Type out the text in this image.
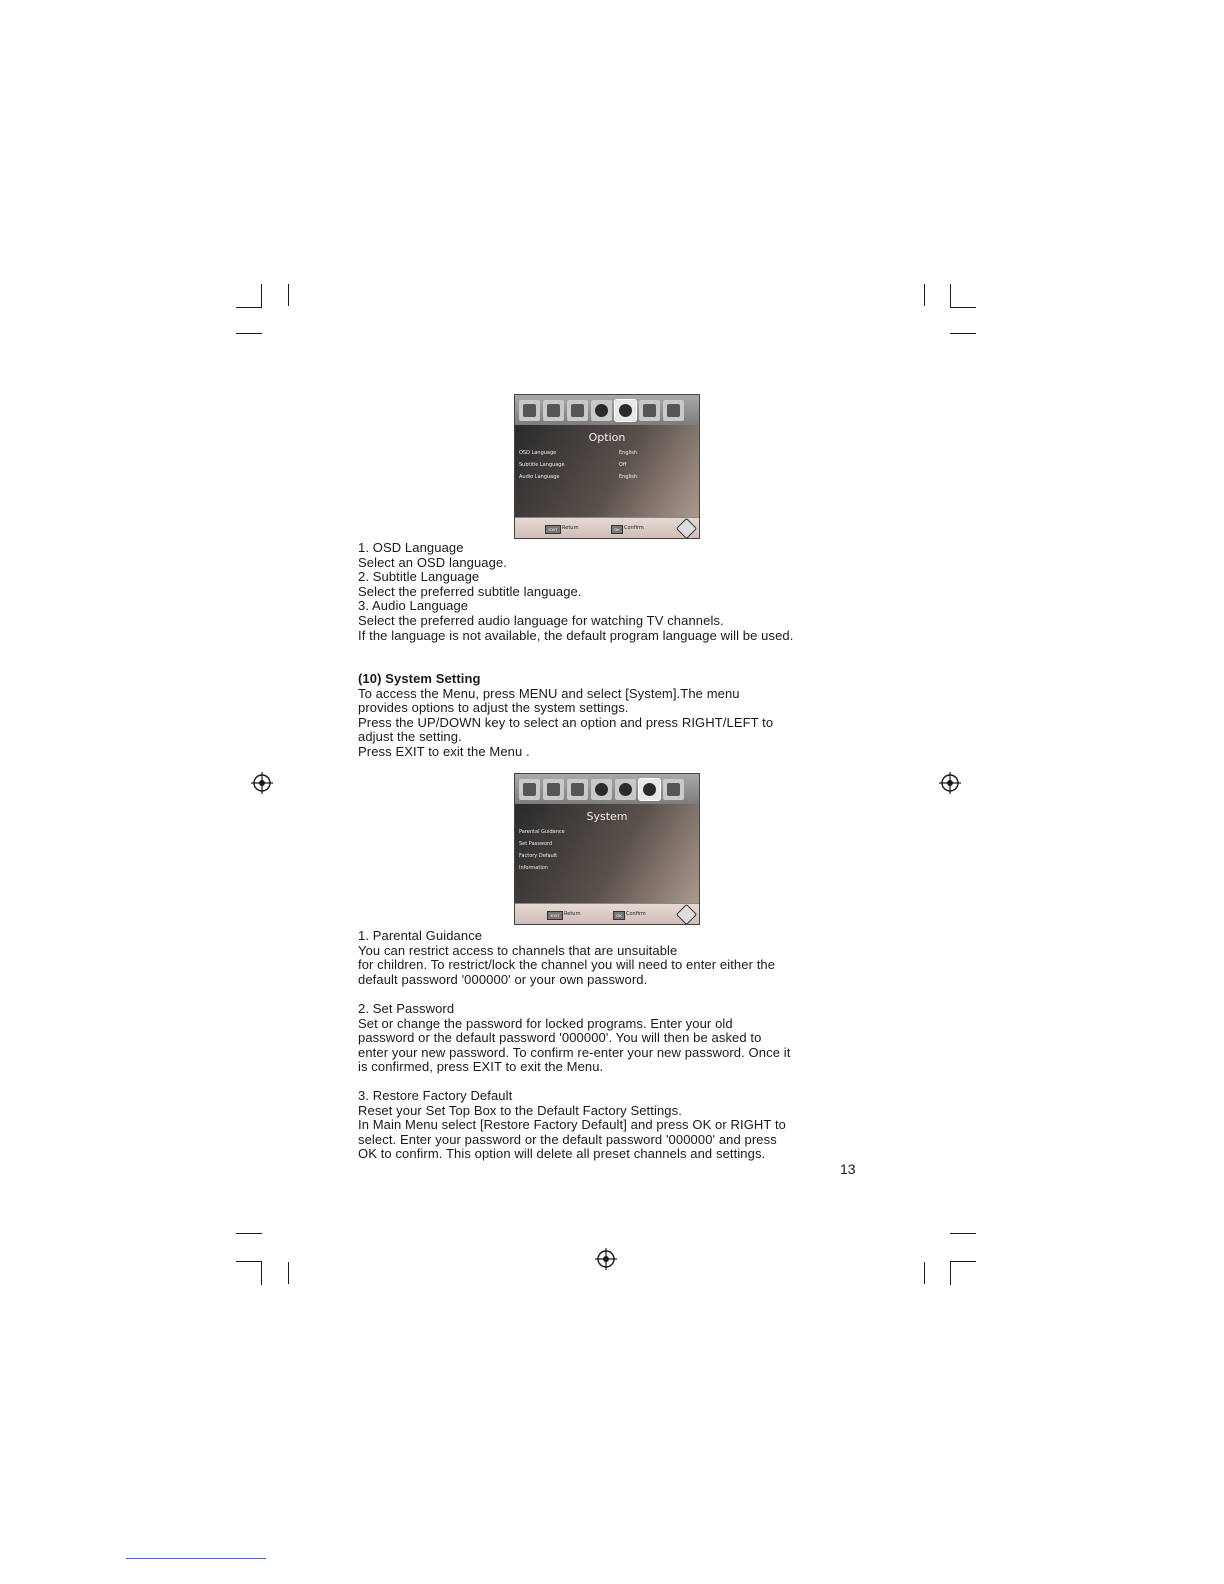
Option
OSD Language	English
Subtitle Language	Off
Audio Language	English
EXIT Return	OK Confirm

1. OSD Language

Select an OSD language.

2. Subtitle Language

Select the preferred subtitle language.

3. Audio Language

Select the preferred audio language for watching TV channels.

If the language is not available, the default program language will be used.

(10) System Setting

To access the Menu, press MENU and select [System].The menu

provides options to adjust the system settings.

Press the UP/DOWN key to select an option and press RIGHT/LEFT to

adjust the setting.

Press EXIT to exit the Menu .

System
Parental Guidance
Set Password
Factory Default
Information
EXIT Return	OK Confirm

1. Parental Guidance

You can restrict access to channels that are unsuitable

for children. To restrict/lock the channel you will need to enter either the

default password '000000' or your own password.

2. Set Password

Set or change the password for locked programs. Enter your old

password or the default password '000000'. You will then be asked to

enter your new password. To confirm re-enter your new password. Once it

is confirmed, press EXIT to exit the Menu.

3. Restore Factory Default

Reset your Set Top Box to the Default Factory Settings.

In Main Menu select [Restore Factory Default] and press OK or RIGHT to

select. Enter your password or the default password '000000' and press

OK to confirm. This option will delete all preset channels and settings.

13
